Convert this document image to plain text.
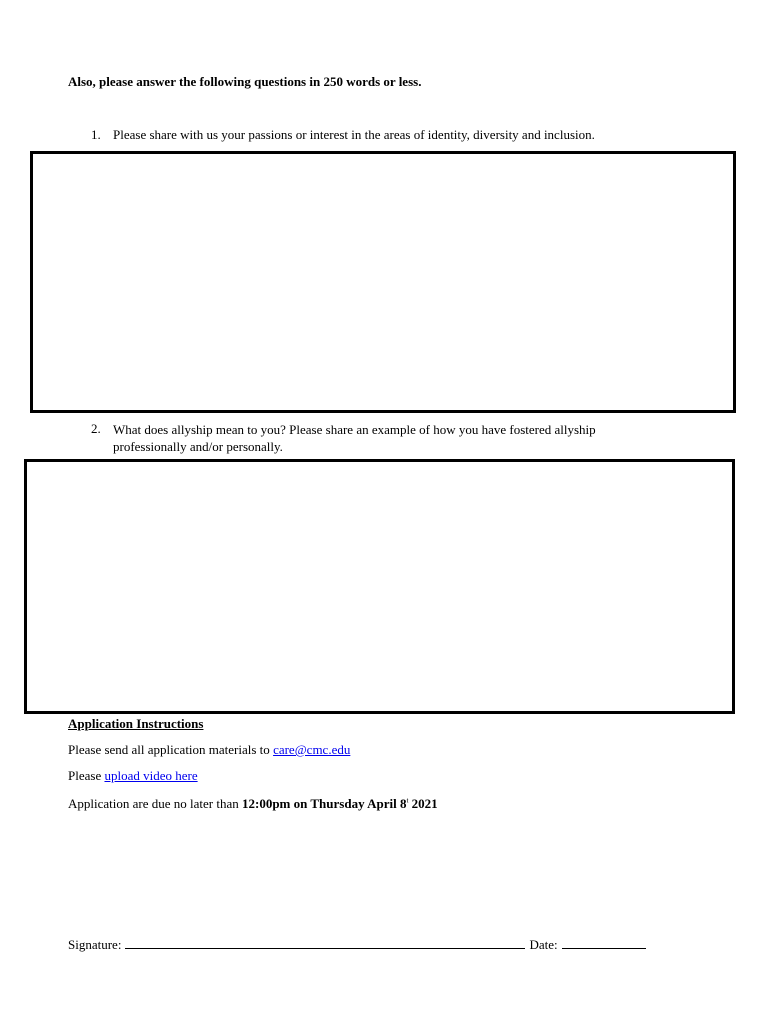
Also, please answer the following questions in 250 words or less.
1. Please share with us your passions or interest in the areas of identity, diversity and inclusion.
2. What does allyship mean to you? Please share an example of how you have fostered allyship
professionally and/or personally.
Application Instructions
Please send all application materials to care@cmc.edu
Please upload video here
Application are due no later than 12:00pm on Thursday April 8$^t$ 2021
Signature:	Date:
